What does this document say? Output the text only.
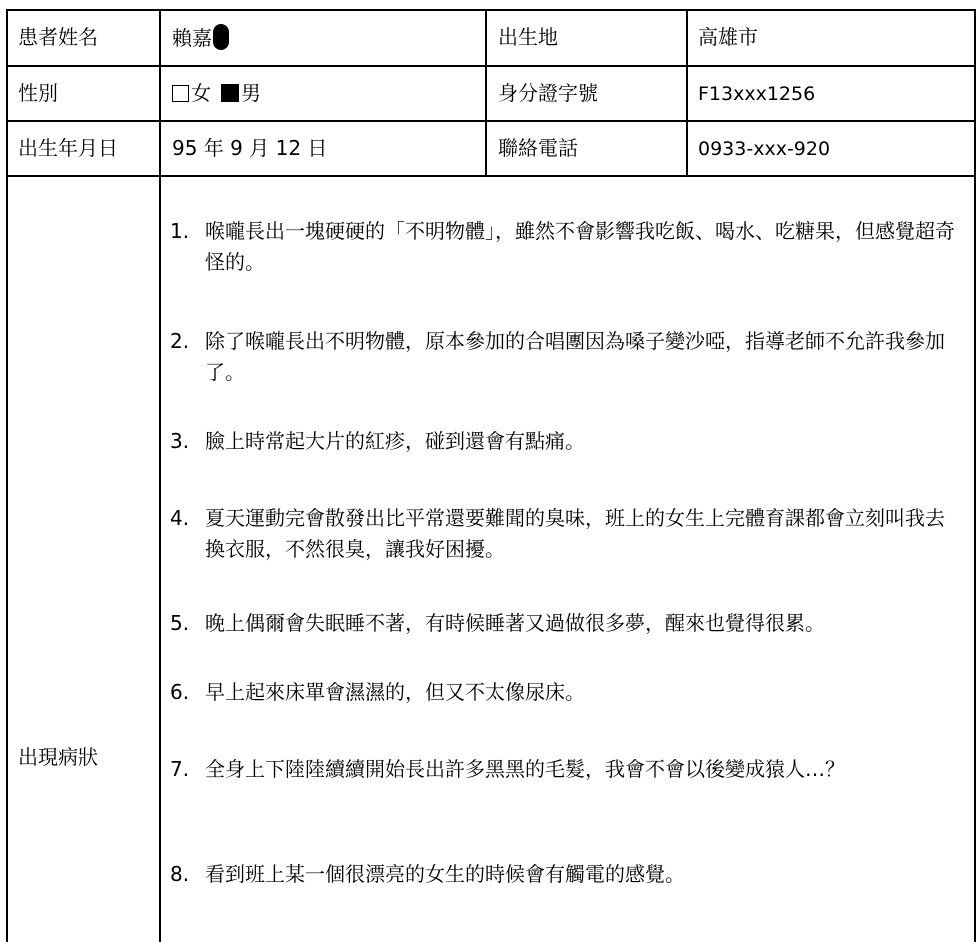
患者姓名	賴嘉	出生地	高雄市
性別	女 男	身分證字號	F13xxx1256
出生年月日	95 年 9 月 12 日	聯絡電話	0933-xxx-920
出現病狀
1. 喉嚨長出一塊硬硬的「不明物體」，雖然不會影響我吃飯、喝水、吃糖果，但感覺超奇怪的。
2. 除了喉嚨長出不明物體，原本參加的合唱團因為嗓子變沙啞，指導老師不允許我參加了。
3. 臉上時常起大片的紅疹，碰到還會有點痛。
4. 夏天運動完會散發出比平常還要難聞的臭味，班上的女生上完體育課都會立刻叫我去換衣服，不然很臭，讓我好困擾。
5. 晚上偶爾會失眠睡不著，有時候睡著又過做很多夢，醒來也覺得很累。
6. 早上起來床單會濕濕的，但又不太像尿床。
7. 全身上下陸陸續續開始長出許多黑黑的毛髮，我會不會以後變成猿人…？
8. 看到班上某一個很漂亮的女生的時候會有觸電的感覺。
